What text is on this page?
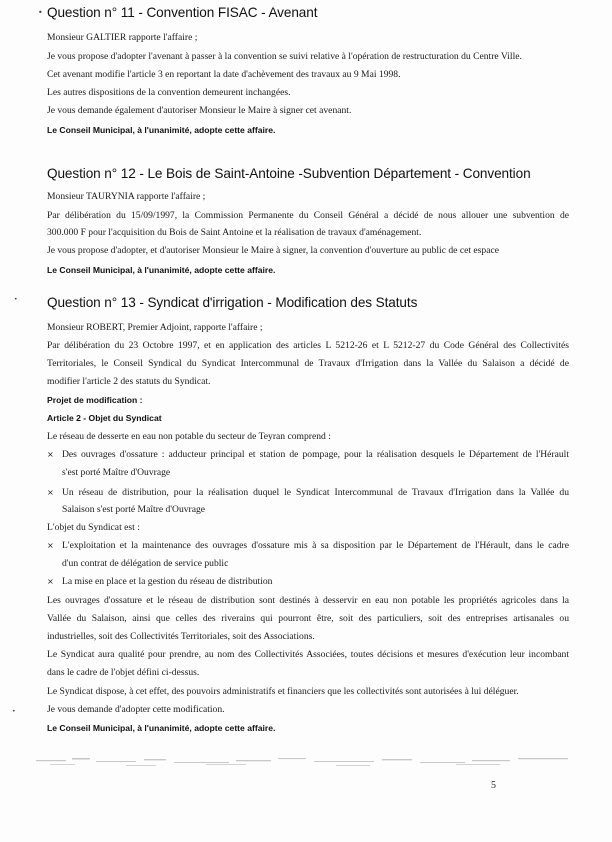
•
•
•
Question n° 11 - Convention FISAC - Avenant
Monsieur GALTIER rapporte l'affaire ;
Je vous propose d'adopter l'avenant à passer à la convention se suivi relative à l'opération de restructuration du Centre Ville.
Cet avenant modifie l'article 3 en reportant la date d'achèvement des travaux au 9 Mai 1998.
Les autres dispositions de la convention demeurent inchangées.
Je vous demande également d'autoriser Monsieur le Maire à signer cet avenant.
Le Conseil Municipal, à l'unanimité, adopte cette affaire.
Question n° 12 - Le Bois de Saint-Antoine -Subvention Département - Convention
Monsieur TAURYNIA rapporte l'affaire ;
Par délibération du 15/09/1997, la Commission Permanente du Conseil Général a décidé de nous allouer une subvention de
300.000 F pour l'acquisition du Bois de Saint Antoine et la réalisation de travaux d'aménagement.
Je vous propose d'adopter, et d'autoriser Monsieur le Maire à signer, la convention d'ouverture au public de cet espace
Le Conseil Municipal, à l'unanimité, adopte cette affaire.
Question n° 13 - Syndicat d'irrigation - Modification des Statuts
Monsieur ROBERT, Premier Adjoint, rapporte l'affaire ;
Par délibération du 23 Octobre 1997, et en application des articles L 5212-26 et L 5212-27 du Code Général des Collectivités
Territoriales, le Conseil Syndical du Syndicat Intercommunal de Travaux d'Irrigation dans la Vallée du Salaison a décidé de
modifier l'article 2 des statuts du Syndicat.
Projet de modification :
Article 2 - Objet du Syndicat
Le réseau de desserte en eau non potable du secteur de Teyran comprend :
× Des ouvrages d'ossature : adducteur principal et station de pompage, pour la réalisation desquels le Département de l'Hérault
s'est porté Maître d'Ouvrage
× Un réseau de distribution, pour la réalisation duquel le Syndicat Intercommunal de Travaux d'Irrigation dans la Vallée du
Salaison s'est porté Maître d'Ouvrage
L'objet du Syndicat est :
× L'exploitation et la maintenance des ouvrages d'ossature mis à sa disposition par le Département de l'Hérault, dans le cadre
d'un contrat de délégation de service public
× La mise en place et la gestion du réseau de distribution
Les ouvrages d'ossature et le réseau de distribution sont destinés à desservir en eau non potable les propriétés agricoles dans la
Vallée du Salaison, ainsi que celles des riverains qui pourront être, soit des particuliers, soit des entreprises artisanales ou
industrielles, soit des Collectivités Territoriales, soit des Associations.
Le Syndicat aura qualité pour prendre, au nom des Collectivités Associées, toutes décisions et mesures d'exécution leur incombant
dans le cadre de l'objet défini ci-dessus.
Le Syndicat dispose, à cet effet, des pouvoirs administratifs et financiers que les collectivités sont autorisées à lui déléguer.
Je vous demande d'adopter cette modification.
Le Conseil Municipal, à l'unanimité, adopte cette affaire.
5
